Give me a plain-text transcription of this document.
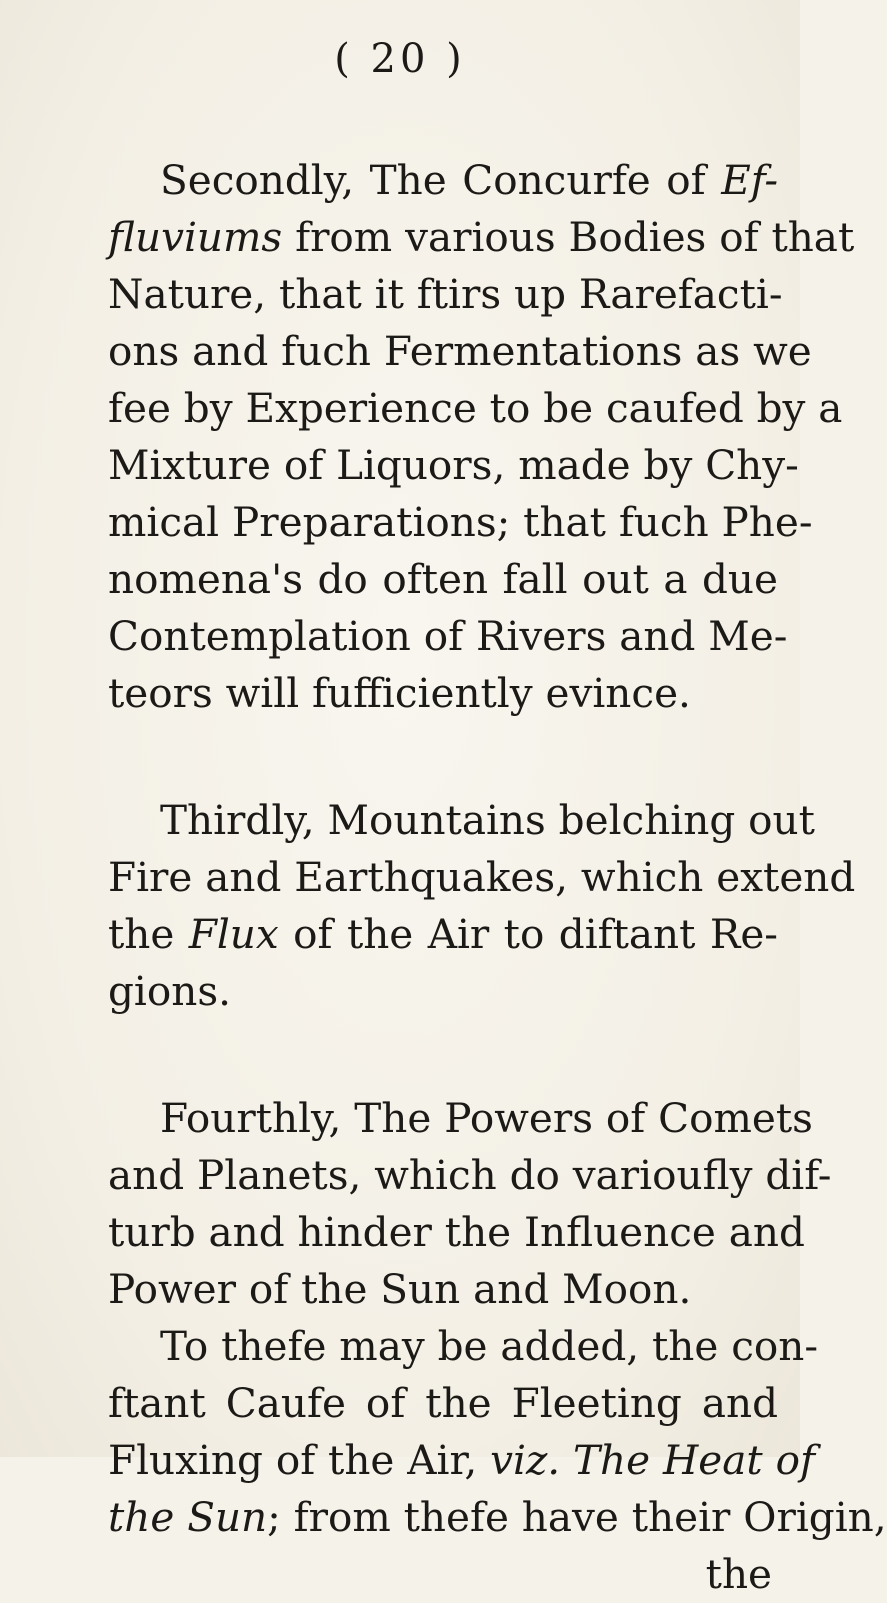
( 20 )
Secondly, The Concurfe of Ef-
fluviums from various Bodies of that
Nature, that it ftirs up Rarefacti-
ons and fuch Fermentations as we
fee by Experience to be caufed by a
Mixture of Liquors, made by Chy-
mical Preparations; that fuch Phe-
nomena's do often fall out a due
Contemplation of Rivers and Me-
teors will fufficiently evince.
Thirdly, Mountains belching out
Fire and Earthquakes, which extend
the Flux of the Air to diftant Re-
gions.
Fourthly, The Powers of Comets
and Planets, which do varioufly dif-
turb and hinder the Influence and
Power of the Sun and Moon.
To thefe may be added, the con-
ftant Caufe of the Fleeting and
Fluxing of the Air, viz. The Heat of
the Sun; from thefe have their Origin,
the
